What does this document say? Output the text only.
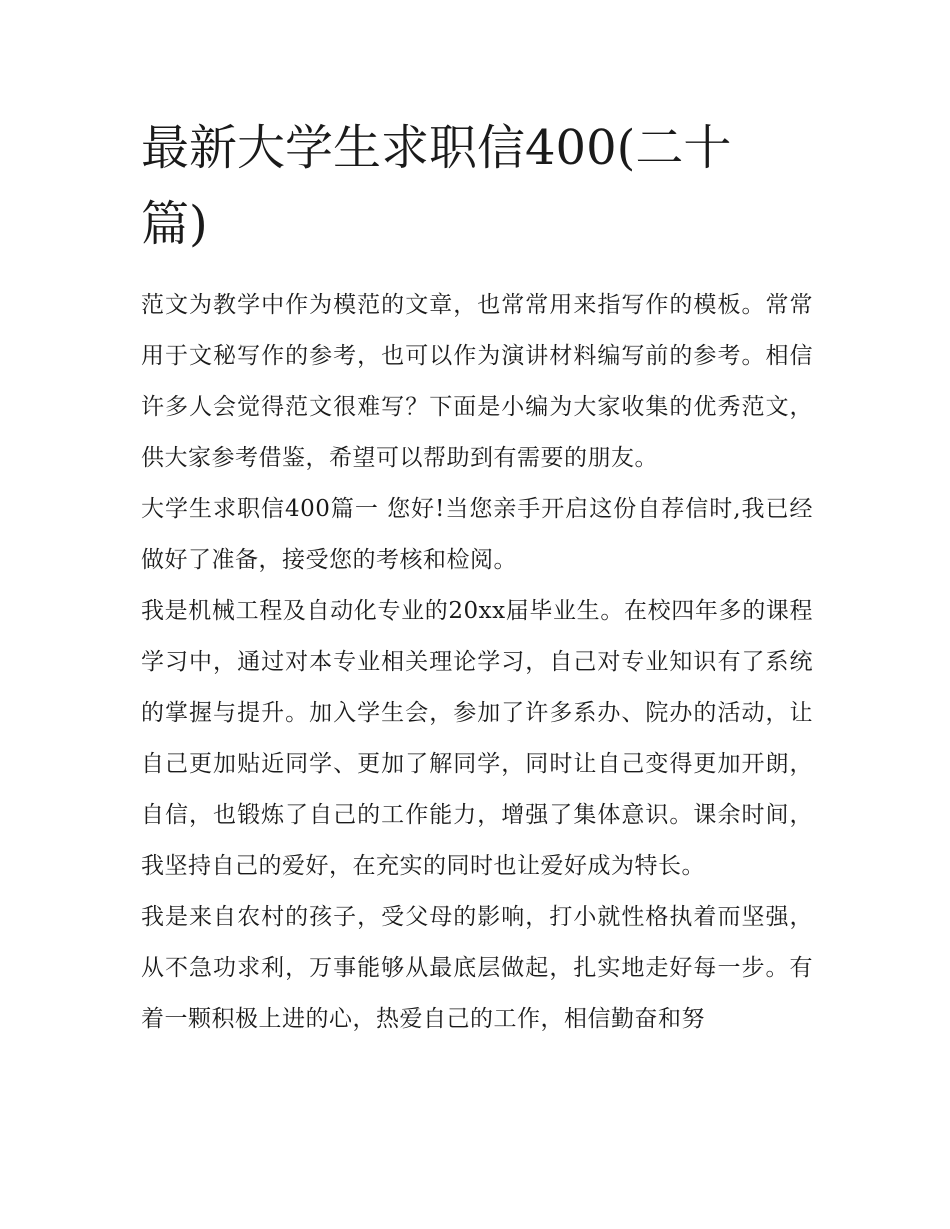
最新大学生求职信400(二十篇)

范文为教学中作为模范的文章，也常常用来指写作的模板。常常用于文秘写作的参考，也可以作为演讲材料编写前的参考。相信许多人会觉得范文很难写？下面是小编为大家收集的优秀范文，供大家参考借鉴，希望可以帮助到有需要的朋友。

大学生求职信400篇一 您好!当您亲手开启这份自荐信时,我已经做好了准备，接受您的考核和检阅。

我是机械工程及自动化专业的20xx届毕业生。在校四年多的课程学习中，通过对本专业相关理论学习，自己对专业知识有了系统的掌握与提升。加入学生会，参加了许多系办、院办的活动，让自己更加贴近同学、更加了解同学，同时让自己变得更加开朗，自信，也锻炼了自己的工作能力，增强了集体意识。课余时间，我坚持自己的爱好，在充实的同时也让爱好成为特长。

我是来自农村的孩子，受父母的影响，打小就性格执着而坚强，从不急功求利，万事能够从最底层做起，扎实地走好每一步。有着一颗积极上进的心，热爱自己的工作，相信勤奋和努
